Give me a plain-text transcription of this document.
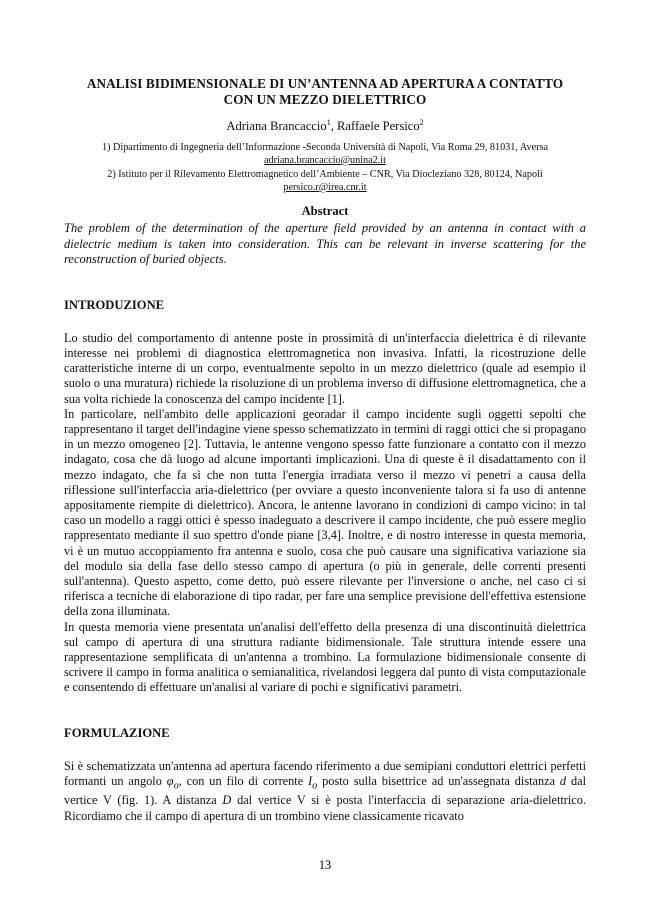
ANALISI BIDIMENSIONALE DI UN’ANTENNA AD APERTURA A CONTATTO
CON UN MEZZO DIELETTRICO
Adriana Brancaccio$^1$, Raffaele Persico$^2$
1) Dipartimento di Ingegneria dell’Informazione -Seconda Università di Napoli, Via Roma 29, 81031, Aversa
adriana.brancaccio@unina2.it
2) Istituto per il Rilevamento Elettromagnetico dell’Ambiente – CNR, Via Diocleziano 328, 80124, Napoli
persico.r@irea.cnr.it
Abstract

The problem of the determination of the aperture field provided by an antenna in contact with a dielectric medium is taken into consideration. This can be relevant in inverse scattering for the reconstruction of buried objects.

INTRODUZIONE

Lo studio del comportamento di antenne poste in prossimità di un'interfaccia dielettrica è di rilevante interesse nei problemi di diagnostica elettromagnetica non invasiva. Infatti, la ricostruzione delle caratteristiche interne di un corpo, eventualmente sepolto in un mezzo dielettrico (quale ad esempio il suolo o una muratura) richiede la risoluzione di un problema inverso di diffusione elettromagnetica, che a sua volta richiede la conoscenza del campo incidente [1].

In particolare, nell'ambito delle applicazioni georadar il campo incidente sugli oggetti sepolti che rappresentano il target dell'indagine viene spesso schematizzato in termini di raggi ottici che si propagano in un mezzo omogeneo [2]. Tuttavia, le antenne vengono spesso fatte funzionare a contatto con il mezzo indagato, cosa che dà luogo ad alcune importanti implicazioni. Una di queste è il disadattamento con il mezzo indagato, che fa sì che non tutta l'energia irradiata verso il mezzo vi penetri a causa della riflessione sull'interfaccia aria-dielettrico (per ovviare a questo inconveniente talora si fa uso di antenne appositamente riempite di dielettrico). Ancora, le antenne lavorano in condizioni di campo vicino: in tal caso un modello a raggi ottici è spesso inadeguato a descrivere il campo incidente, che può essere meglio rappresentato mediante il suo spettro d'onde piane [3,4]. Inoltre, e di nostro interesse in questa memoria, vi è un mutuo accoppiamento fra antenna e suolo, cosa che può causare una significativa variazione sia del modulo sia della fase dello stesso campo di apertura (o più in generale, delle correnti presenti sull'antenna). Questo aspetto, come detto, può essere rilevante per l'inversione o anche, nel caso ci si riferisca a tecniche di elaborazione di tipo radar, per fare una semplice previsione dell'effettiva estensione della zona illuminata.

In questa memoria viene presentata un'analisi dell'effetto della presenza di una discontinuità dielettrica sul campo di apertura di una struttura radiante bidimensionale. Tale struttura intende essere una rappresentazione semplificata di un'antenna a trombino. La formulazione bidimensionale consente di scrivere il campo in forma analitica o semianalitica, rivelandosi leggera dal punto di vista computazionale e consentendo di effettuare un'analisi al variare di pochi e significativi parametri.

FORMULAZIONE

Si è schematizzata un'antenna ad apertura facendo riferimento a due semipiani conduttori elettrici perfetti formanti un angolo $\varphi_o$, con un filo di corrente $I_o$ posto sulla bisettrice ad un'assegnata distanza d dal vertice V (fig. 1). A distanza D dal vertice V si è posta l'interfaccia di separazione aria-dielettrico. Ricordiamo che il campo di apertura di un trombino viene classicamente ricavato

13
